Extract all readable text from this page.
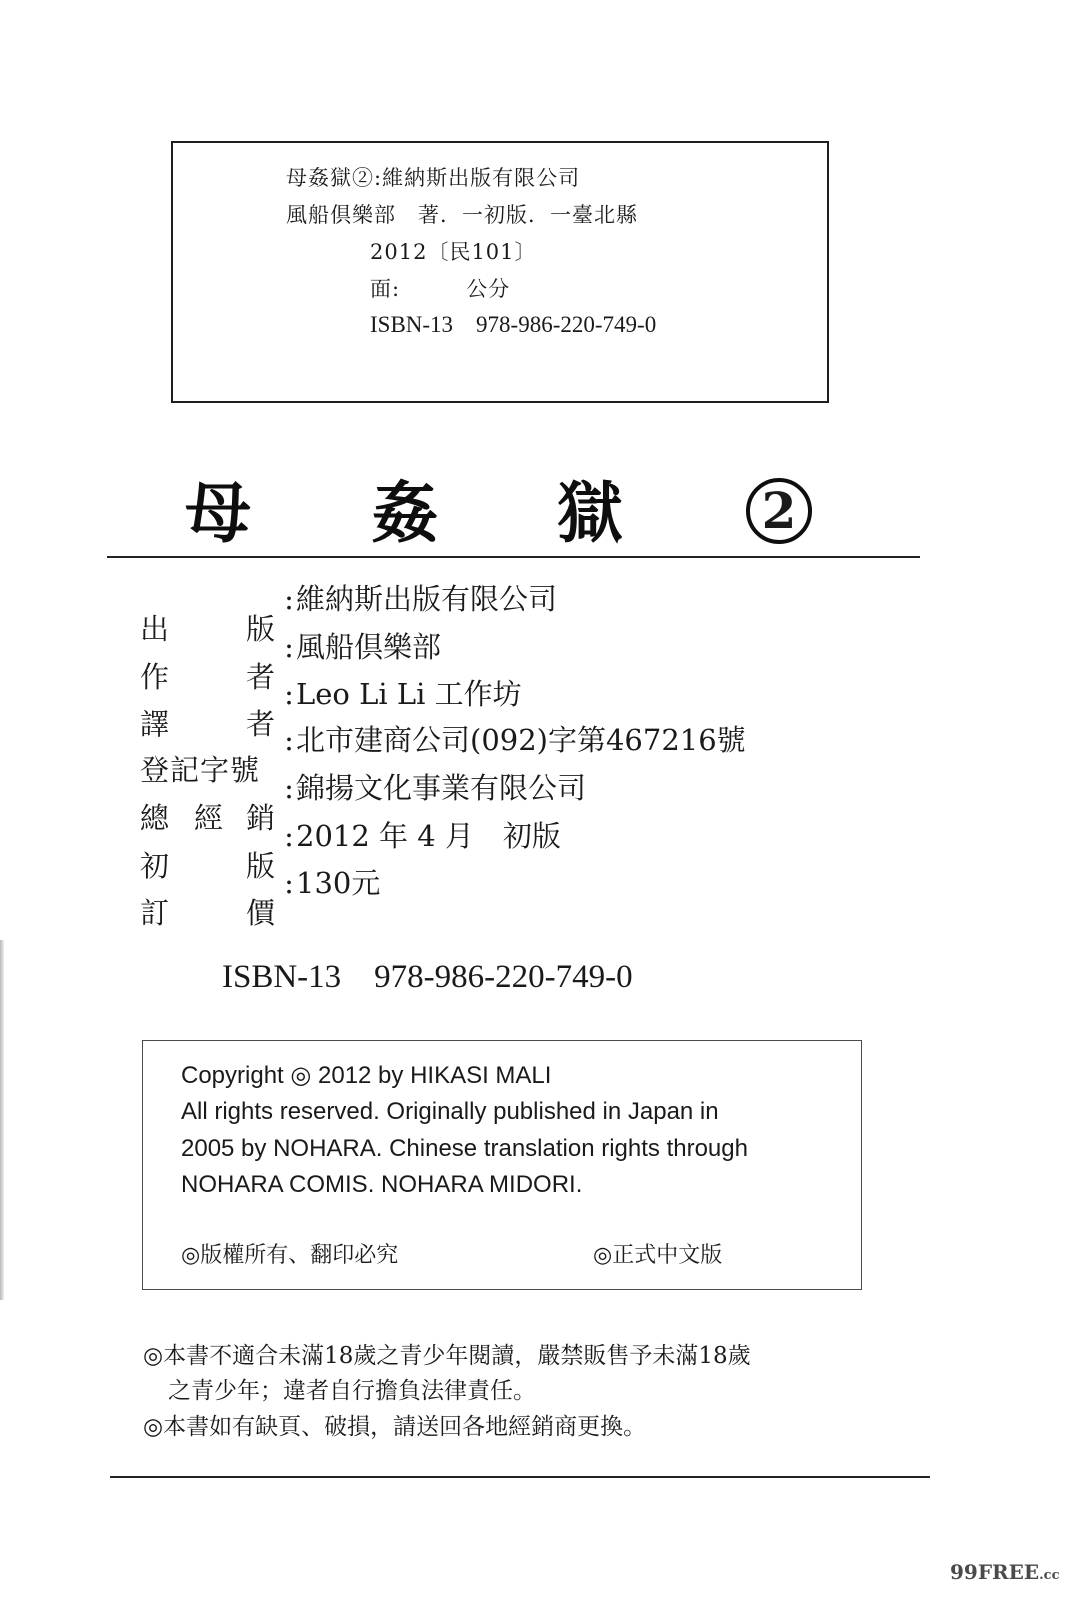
母姦獄②:維納斯出版有限公司
風船倶樂部　著．一初版．一臺北縣
2012〔民101〕
面:　　　公分
ISBN-13　978-986-220-749-0
母 姦 獄	2
出	版
:維納斯出版有限公司
作	者
:風船倶樂部
譯	者
:Leo Li Li 工作坊
登記字號
:北市建商公司(092)字第467216號
總 經 銷
:錦揚文化事業有限公司
初	版
:2012 年 4 月　初版
訂	價
:130元
ISBN-13    978-986-220-749-0
Copyright ◎ 2012 by HIKASI MALI
All rights reserved. Originally published in Japan in
2005 by NOHARA. Chinese translation rights through
NOHARA COMIS. NOHARA MIDORI.
◎版權所有、翻印必究	◎正式中文版
◎本書不適合未滿18歲之青少年閱讀，嚴禁販售予未滿18歲
之青少年；違者自行擔負法律責任。
◎本書如有缺頁、破損，請送回各地經銷商更換。
99FREE.cc
